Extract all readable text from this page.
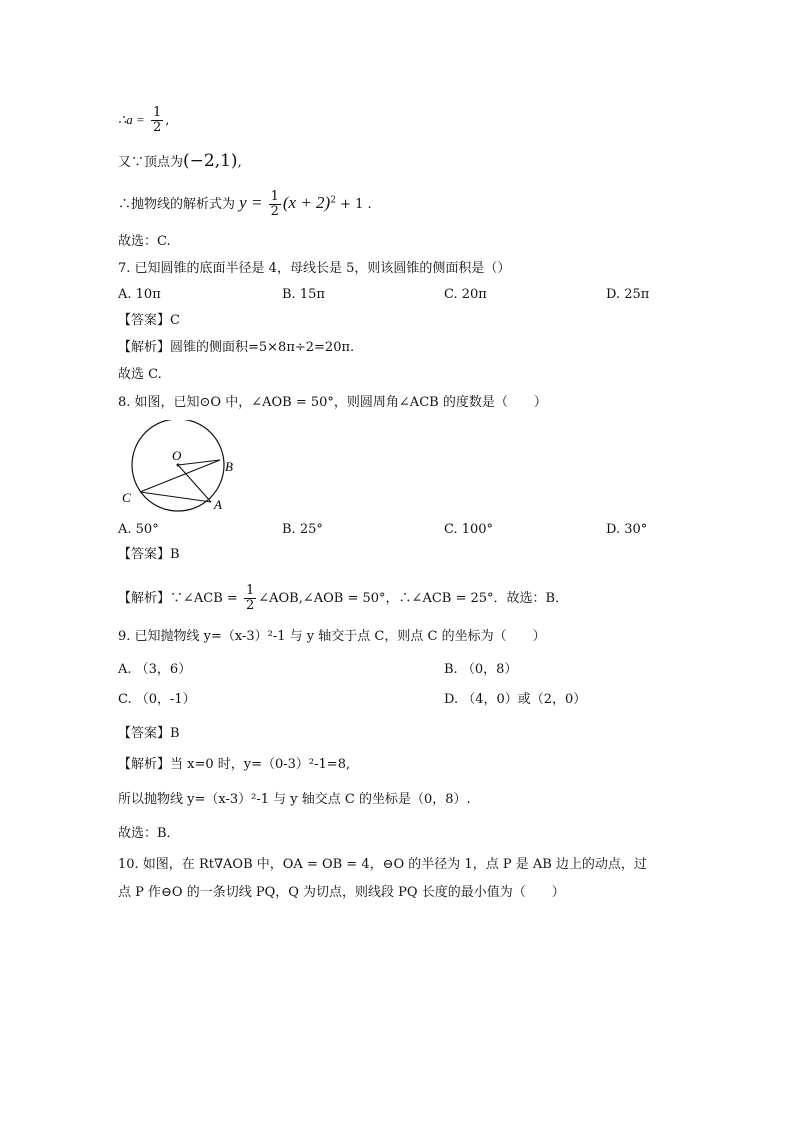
∴a = $\frac{1}{2}$ ,
又∵顶点为(−2,1),
∴抛物线的解析式为 $y = \frac{1}{2} (x + 2)^2 + 1$ .
故选：C.
7. 已知圆锥的底面半径是 4，母线长是 5，则该圆锥的侧面积是（）
A. 10π	B. 15π	C. 20π	D. 25π
【答案】C
【解析】圆锥的侧面积=5×8π÷2=20π.
故选 C.
8. 如图，已知⊙O 中，∠AOB = 50°，则圆周角∠ACB 的度数是（　　）
O
B
C	A
A. 50°	B. 25°	C. 100°	D. 30°
【答案】B
【解析】∵∠ACB = $\frac{1}{2}$ ∠AOB,∠AOB = 50°，∴∠ACB = 25°．故选：B．
9. 已知抛物线 y=（x-3）²-1 与 y 轴交于点 C，则点 C 的坐标为（　　）
A. （3，6）	B. （0，8）
C. （0，-1）	D. （4，0）或（2，0）
【答案】B
【解析】当 x=0 时，y=（0-3）²-1=8,
所以抛物线 y=（x-3）²-1 与 y 轴交点 C 的坐标是（0，8）.
故选：B．
10. 如图，在 Rt∇AOB 中，OA = OB = 4，⊖O 的半径为 1，点 P 是 AB 边上的动点，过
点 P 作⊖O 的一条切线 PQ，Q 为切点，则线段 PQ 长度的最小值为（　　）
